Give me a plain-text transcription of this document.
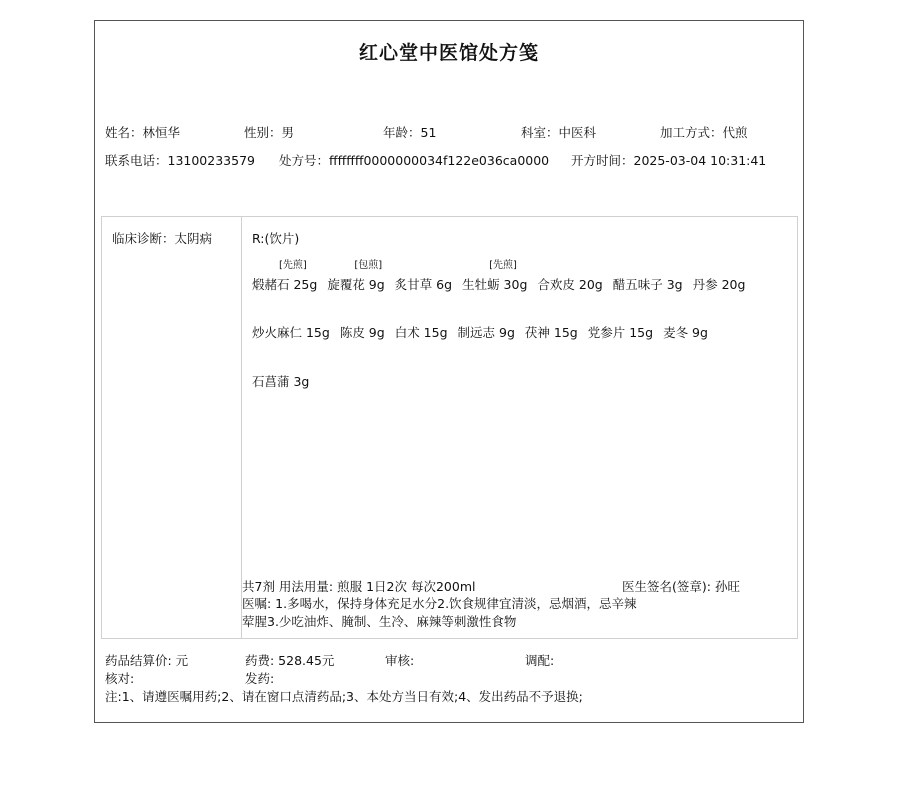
红心堂中医馆处方笺
姓名：林恒华	性别：男	年龄：51	科室：中医科	加工方式：代煎
联系电话：13100233579 处方号：ffffffff0000000034f122e036ca0000 开方时间：2025-03-04 10:31:41
临床诊断：太阴病	R:(饮片)
[先煎]
煅赭石 25g
[包煎]
旋覆花 9g 炙甘草 6g
[先煎]
生牡蛎 30g 合欢皮 20g 醋五味子 3g 丹参 20g
炒火麻仁 15g 陈皮 9g 白术 15g 制远志 9g 茯神 15g 党参片 15g 麦冬 9g
石菖蒲 3g
共7剂 用法用量: 煎服 1日2次 每次200ml	医生签名(签章): 孙旺
医嘱: 1.多喝水，保持身体充足水分2.饮食规律宜清淡，忌烟酒，忌辛辣荤腥3.少吃油炸、腌制、生冷、麻辣等刺激性食物
药品结算价: 元	药费: 528.45元	审核:	调配:
核对:	发药:
注:1、请遵医嘱用药;2、请在窗口点清药品;3、本处方当日有效;4、发出药品不予退换;
